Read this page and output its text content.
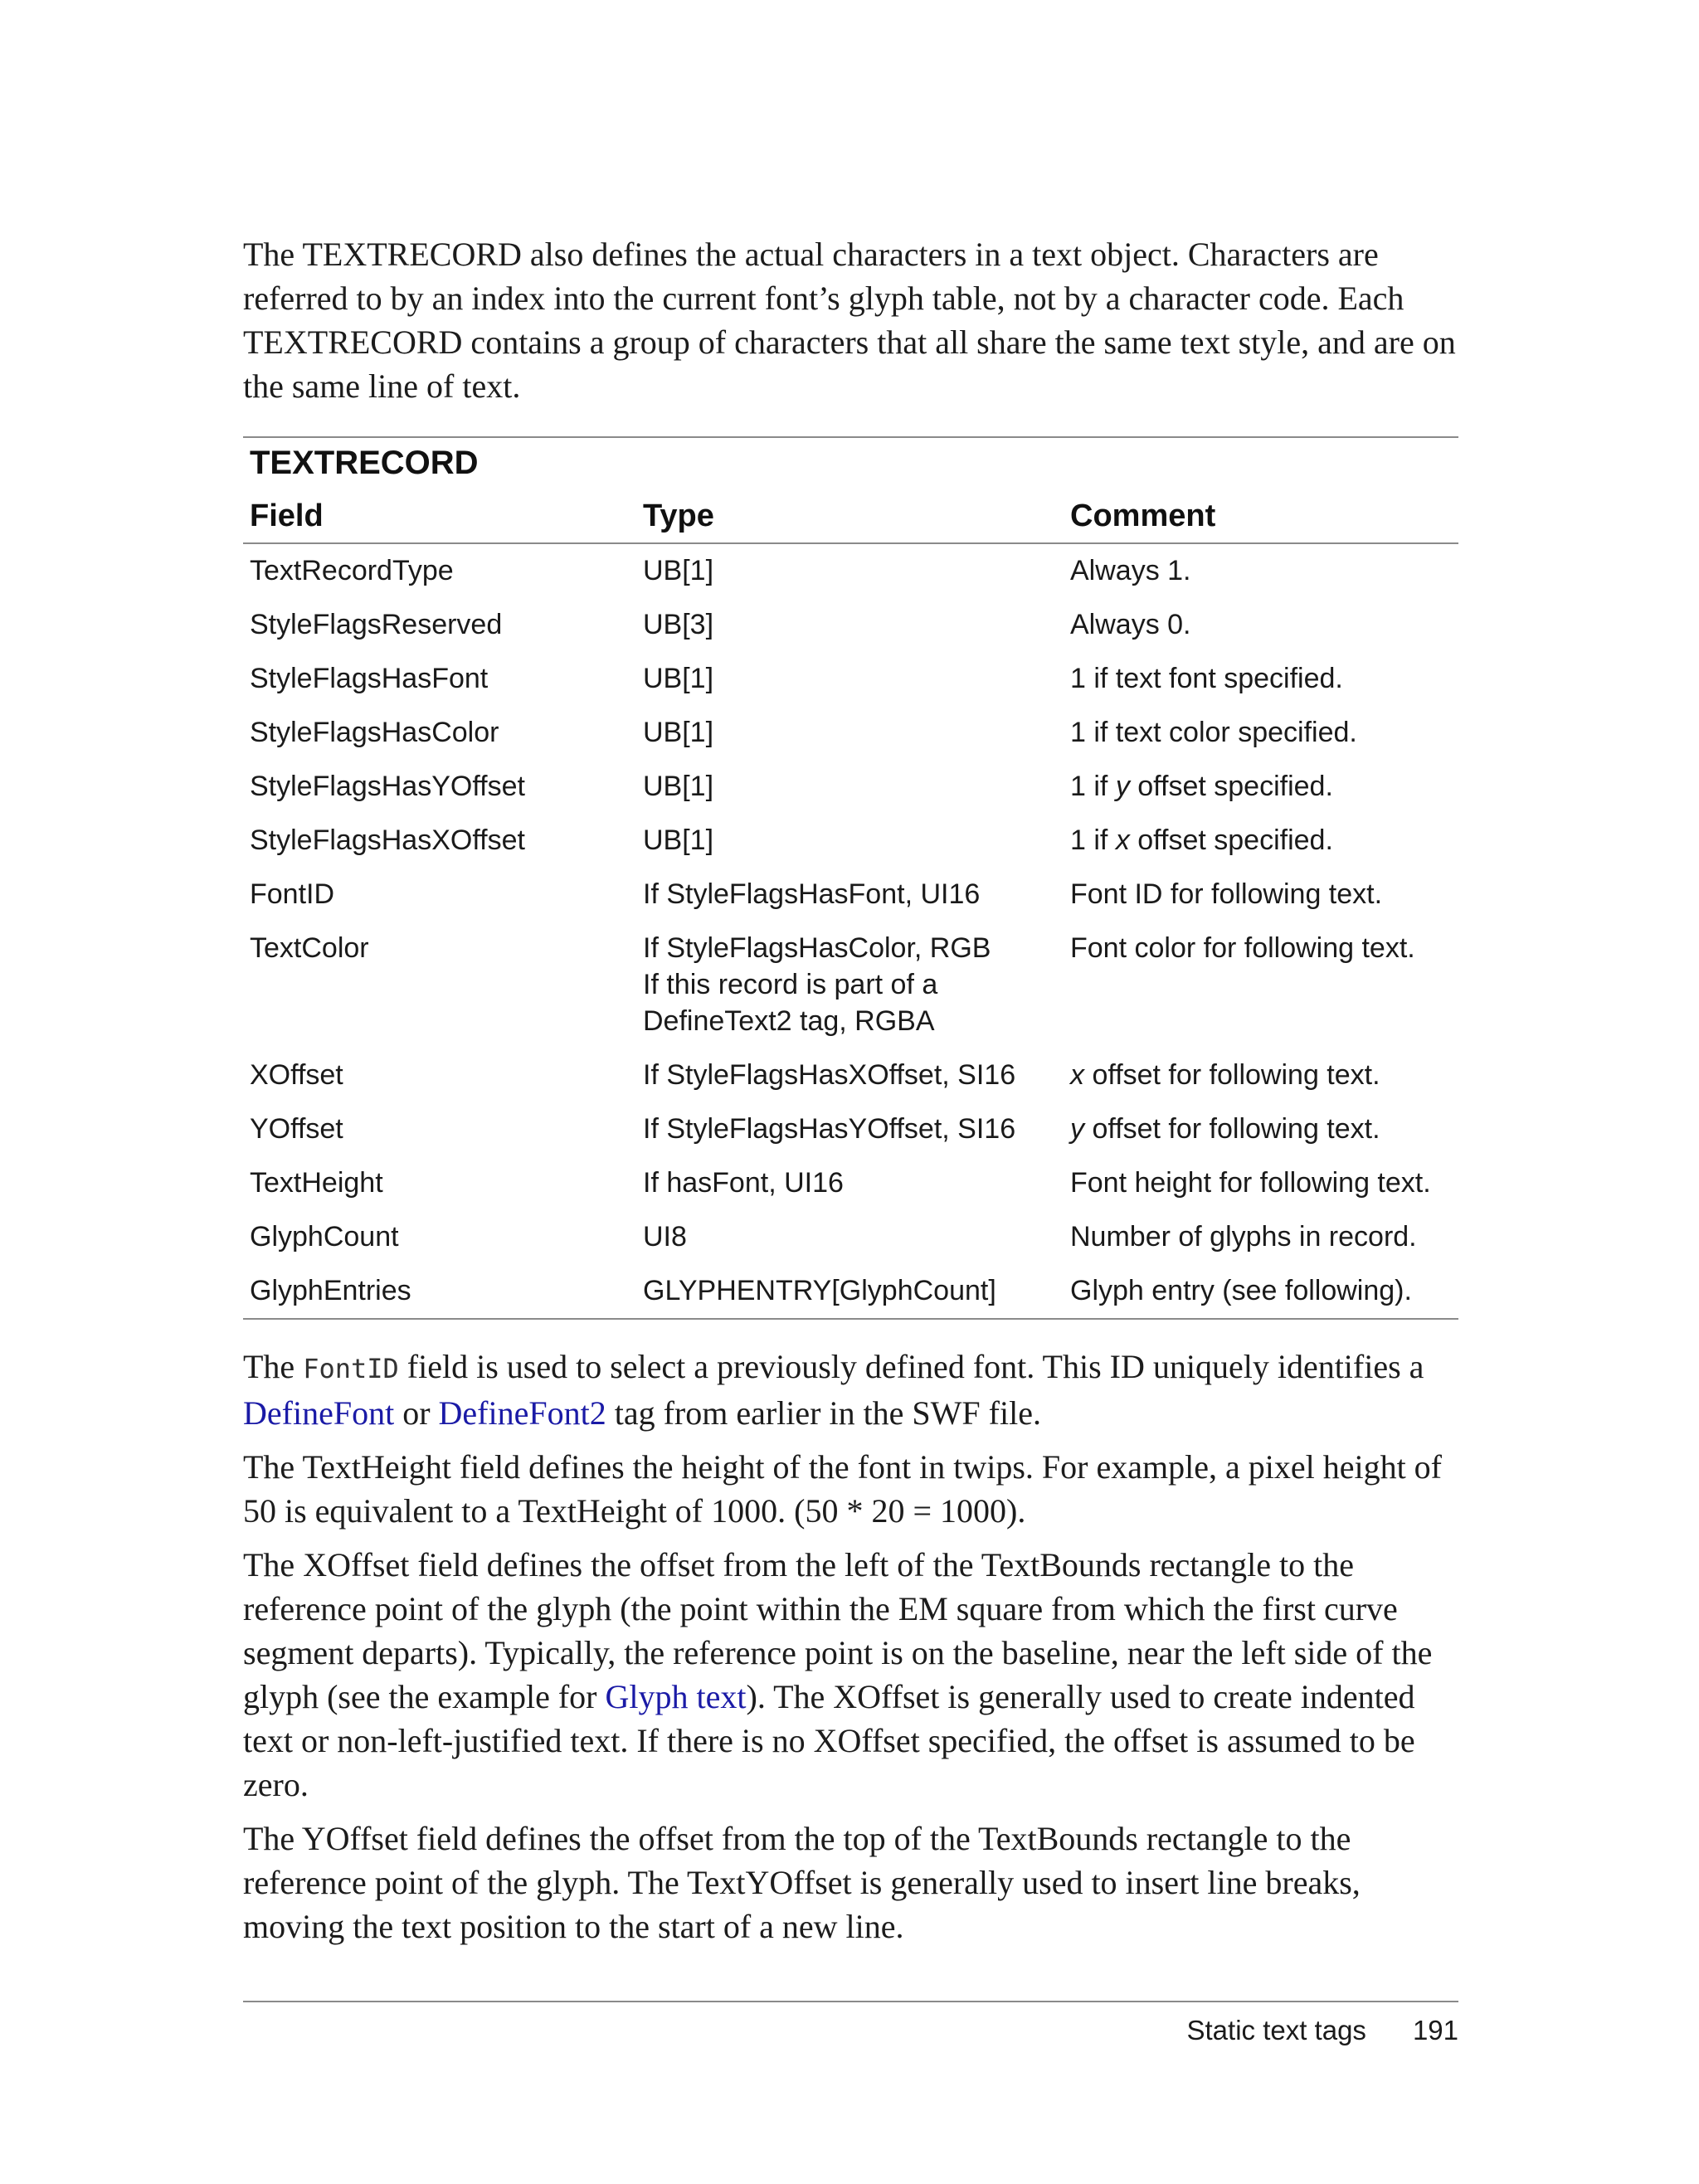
The TEXTRECORD also defines the actual characters in a text object. Characters are referred to by an index into the current font’s glyph table, not by a character code. Each TEXTRECORD contains a group of characters that all share the same text style, and are on the same line of text.

TEXTRECORD
Field	Type	Comment
TextRecordType	UB[1]	Always 1.
StyleFlagsReserved	UB[3]	Always 0.
StyleFlagsHasFont	UB[1]	1 if text font specified.
StyleFlagsHasColor	UB[1]	1 if text color specified.
StyleFlagsHasYOffset	UB[1]	1 if y offset specified.
StyleFlagsHasXOffset	UB[1]	1 if x offset specified.
FontID	If StyleFlagsHasFont, UI16	Font ID for following text.
TextColor	If StyleFlagsHasColor, RGB
If this record is part of a
DefineText2 tag, RGBA	Font color for following text.
XOffset	If StyleFlagsHasXOffset, SI16	x offset for following text.
YOffset	If StyleFlagsHasYOffset, SI16	y offset for following text.
TextHeight	If hasFont, UI16	Font height for following text.
GlyphCount	UI8	Number of glyphs in record.
GlyphEntries	GLYPHENTRY[GlyphCount]	Glyph entry (see following).

The FontID field is used to select a previously defined font. This ID uniquely identifies a DefineFont or DefineFont2 tag from earlier in the SWF file.

The TextHeight field defines the height of the font in twips. For example, a pixel height of 50 is equivalent to a TextHeight of 1000. (50 * 20 = 1000).

The XOffset field defines the offset from the left of the TextBounds rectangle to the reference point of the glyph (the point within the EM square from which the first curve segment departs). Typically, the reference point is on the baseline, near the left side of the glyph (see the example for Glyph text). The XOffset is generally used to create indented text or non-left-justified text. If there is no XOffset specified, the offset is assumed to be zero.

The YOffset field defines the offset from the top of the TextBounds rectangle to the reference point of the glyph. The TextYOffset is generally used to insert line breaks, moving the text position to the start of a new line.

Static text tags 191
